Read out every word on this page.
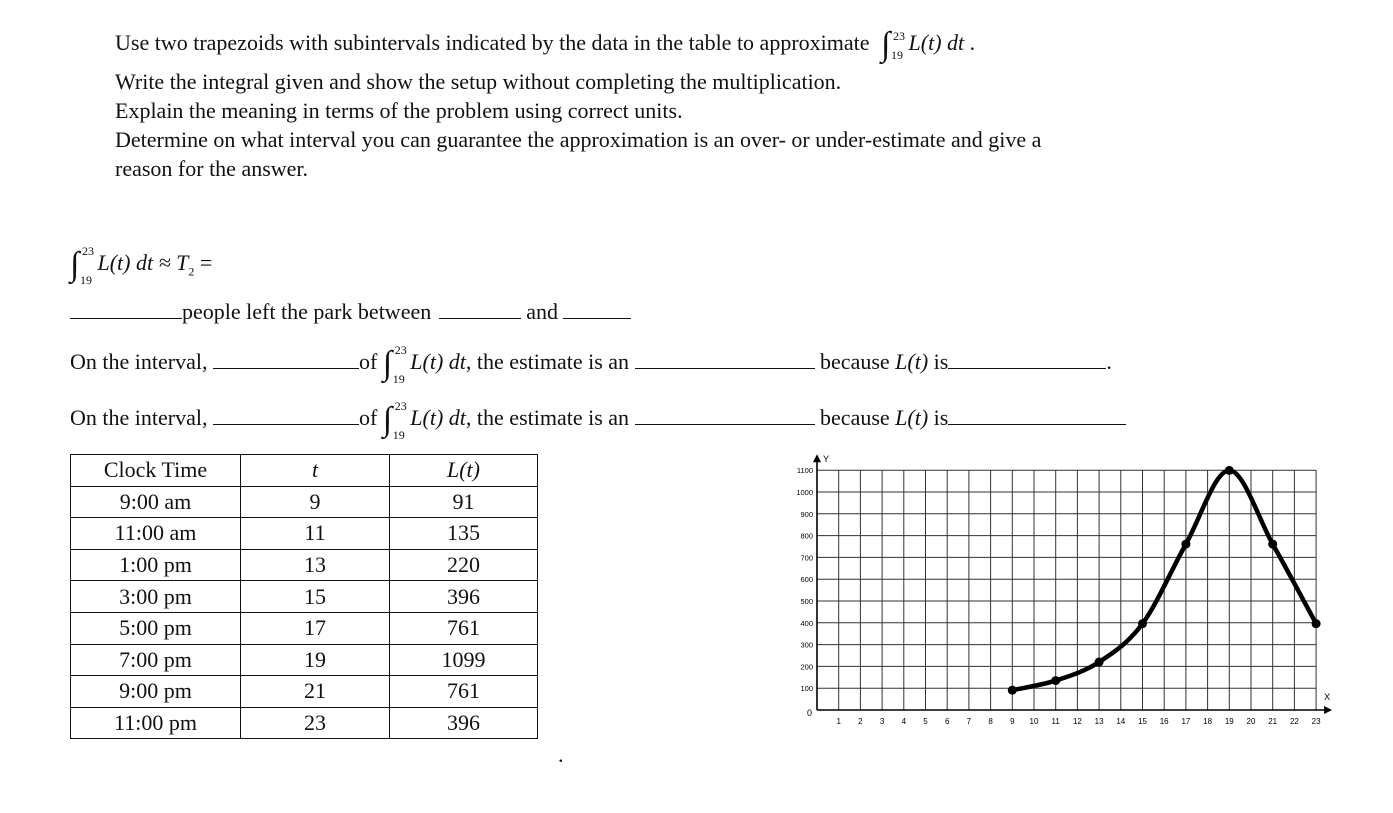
Use two trapezoids with subintervals indicated by the data in the table to approximate ∫ 23
19 L(t) dt .
Write the integral given and show the setup without completing the multiplication.
Explain the meaning in terms of the problem using correct units.
Determine on what interval you can guarantee the approximation is an over- or under-estimate and give a
reason for the answer.
∫ 23
19
L(t) dt ≈ $T_2$ =
people left the park between	and
On the interval,	of ∫ 23
19
L(t) dt, the estimate is an	because L(t) is	.
On the interval,	of ∫ 23
19
L(t) dt, the estimate is an	because L(t) is
Clock Time	t	L(t)
9:00 am	9	91
11:00 am	11	135
1:00 pm	13	220
3:00 pm	15	396
5:00 pm	17	761
7:00 pm	19	1099
9:00 pm	21	761
11:00 pm	23	396
.
Y
X
0
100
200
300
400
500
600
700
800
900
1000
1100
1 2 3 4 5 6 7 8 9 10 11 12 13 14 15 16 17 18 19 20 21 22 23
